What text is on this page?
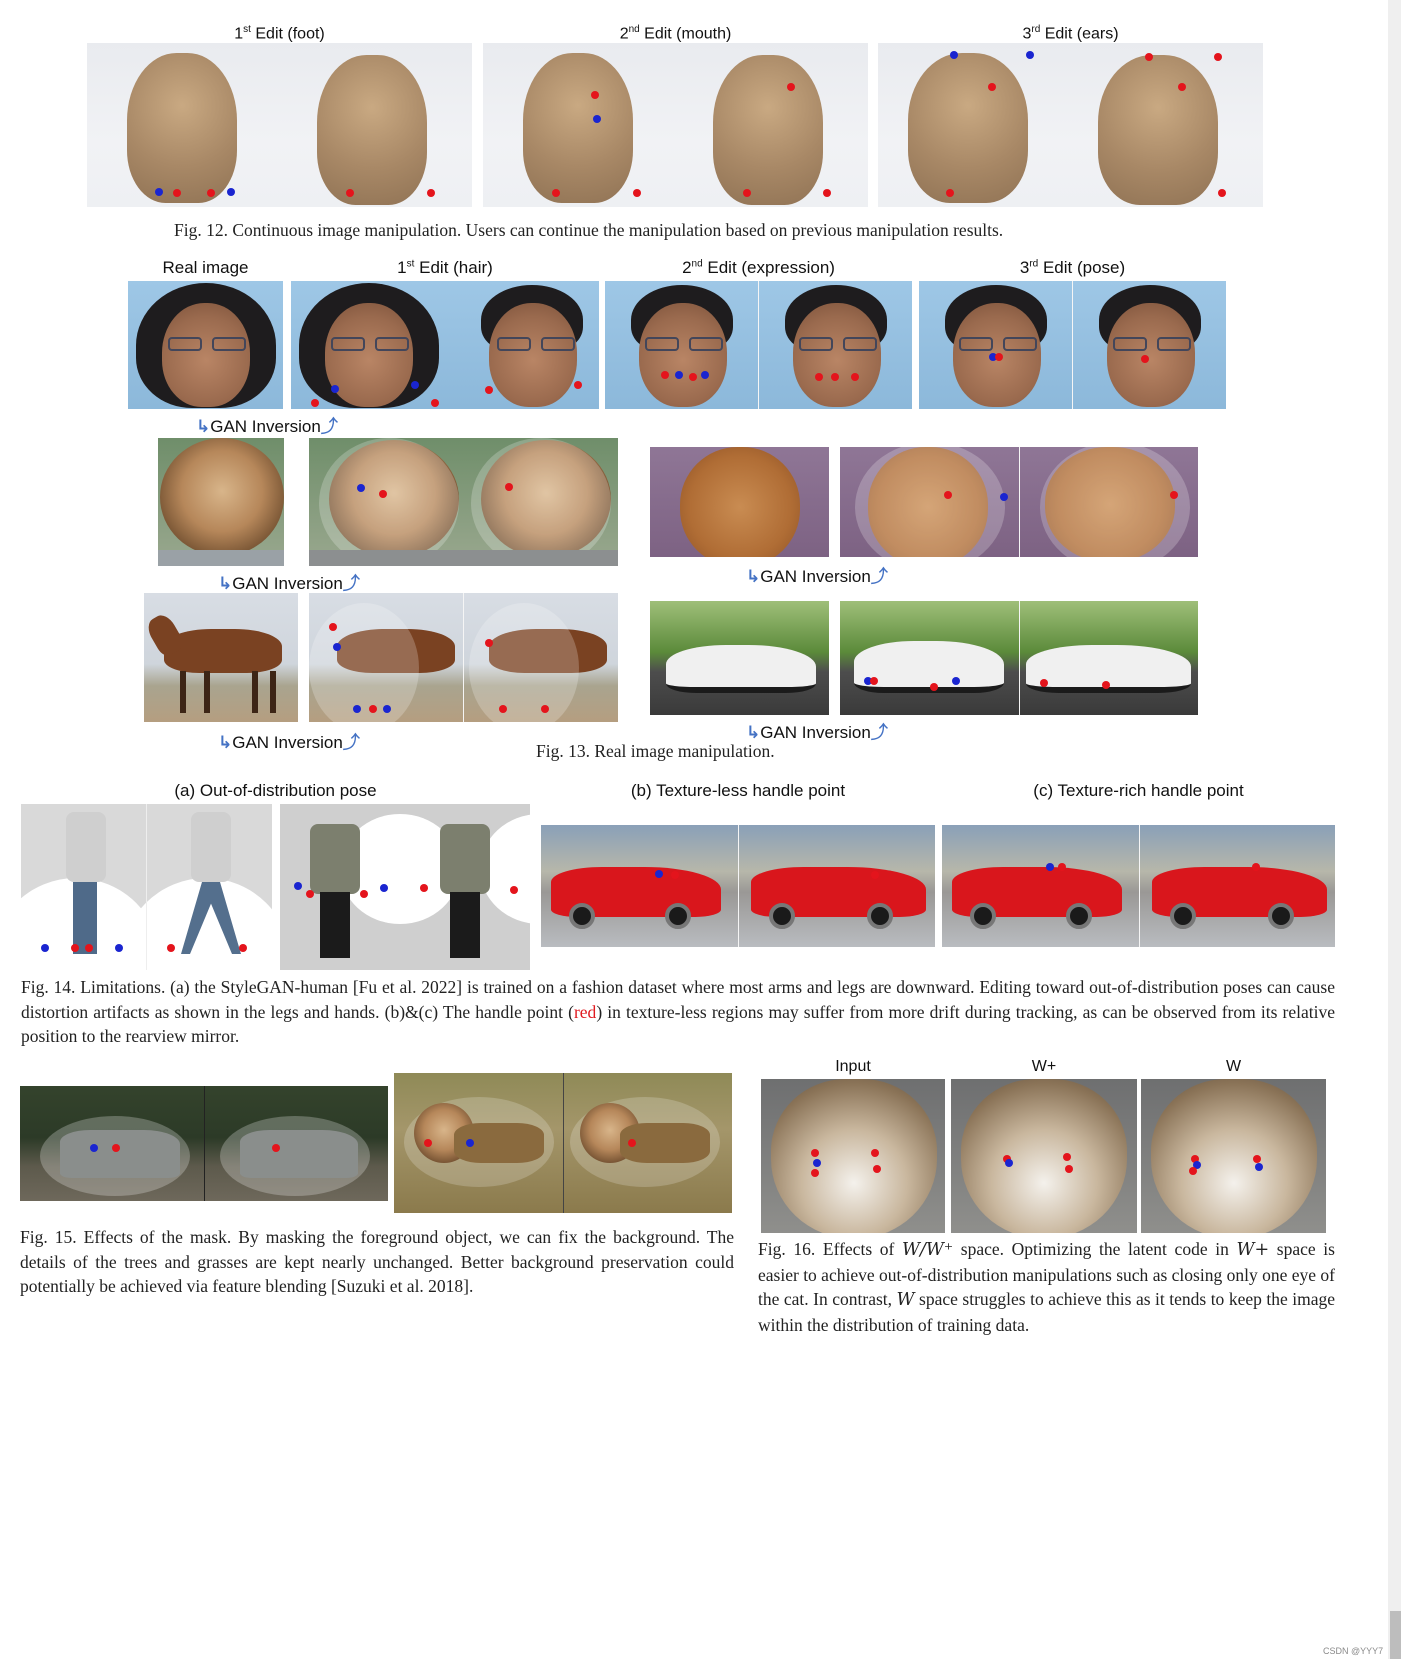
1st Edit (foot)	2nd Edit (mouth)	3rd Edit (ears)
Fig. 12. Continuous image manipulation. Users can continue the manipulation based on previous manipulation results.
Real image	1st Edit (hair)	2nd Edit (expression)	3rd Edit (pose)
↳GAN Inversion⤴
↳GAN Inversion⤴	↳GAN Inversion⤴
↳GAN Inversion⤴
↳GAN Inversion⤴
Fig. 13. Real image manipulation.
(a) Out-of-distribution pose	(b) Texture-less handle point	(c) Texture-rich handle point
Fig. 14. Limitations. (a) the StyleGAN-human [Fu et al. 2022] is trained on a fashion dataset where most arms and legs are downward. Editing toward out-of-distribution poses can cause distortion artifacts as shown in the legs and hands. (b)&(c) The handle point (red) in texture-less regions may suffer from more drift during tracking, as can be observed from its relative position to the rearview mirror.
Fig. 15. Effects of the mask. By masking the foreground object, we can fix the background. The details of the trees and grasses are kept nearly unchanged. Better background preservation could potentially be achieved via feature blending [Suzuki et al. 2018].
Input	W+	W
Fig. 16. Effects of W/W⁺ space. Optimizing the latent code in W+ space is easier to achieve out-of-distribution manipulations such as closing only one eye of the cat. In contrast, W space struggles to achieve this as it tends to keep the image within the distribution of training data.
CSDN @YYY7
